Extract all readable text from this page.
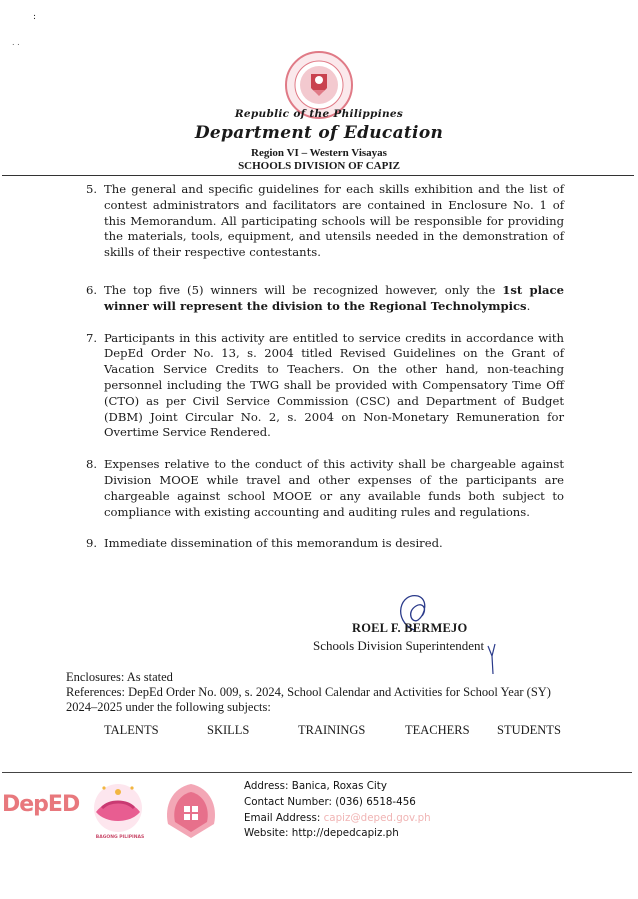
:
. .
Republic of the Philippines
Department of Education
Region VI – Western Visayas
SCHOOLS DIVISION OF CAPIZ
5. The general and specific guidelines for each skills exhibition and the list of contest administrators and facilitators are contained in Enclosure No. 1 of this Memorandum. All participating schools will be responsible for providing the materials, tools, equipment, and utensils needed in the demonstration of skills of their respective contestants.
6. The top five (5) winners will be recognized however, only the 1st place winner will represent the division to the Regional Technolympics.
7. Participants in this activity are entitled to service credits in accordance with DepEd Order No. 13, s. 2004 titled Revised Guidelines on the Grant of Vacation Service Credits to Teachers. On the other hand, non-teaching personnel including the TWG shall be provided with Compensatory Time Off (CTO) as per Civil Service Commission (CSC) and Department of Budget (DBM) Joint Circular No. 2, s. 2004 on Non-Monetary Remuneration for Overtime Service Rendered.
8. Expenses relative to the conduct of this activity shall be chargeable against Division MOOE while travel and other expenses of the participants are chargeable against school MOOE or any available funds both subject to compliance with existing accounting and auditing rules and regulations.
9. Immediate dissemination of this memorandum is desired.
ROEL F. BERMEJO
Schools Division Superintendent
Enclosures: As stated
References: DepEd Order No. 009, s. 2024, School Calendar and Activities for School Year (SY) 2024–2025 under the following subjects:
TALENTS	SKILLS	TRAININGS	TEACHERS STUDENTS
DepED
BAGONG PILIPINAS
Address: Banica, Roxas City
Contact Number: (036) 6518-456
Email Address: capiz@deped.gov.ph
Website: http://depedcapiz.ph
